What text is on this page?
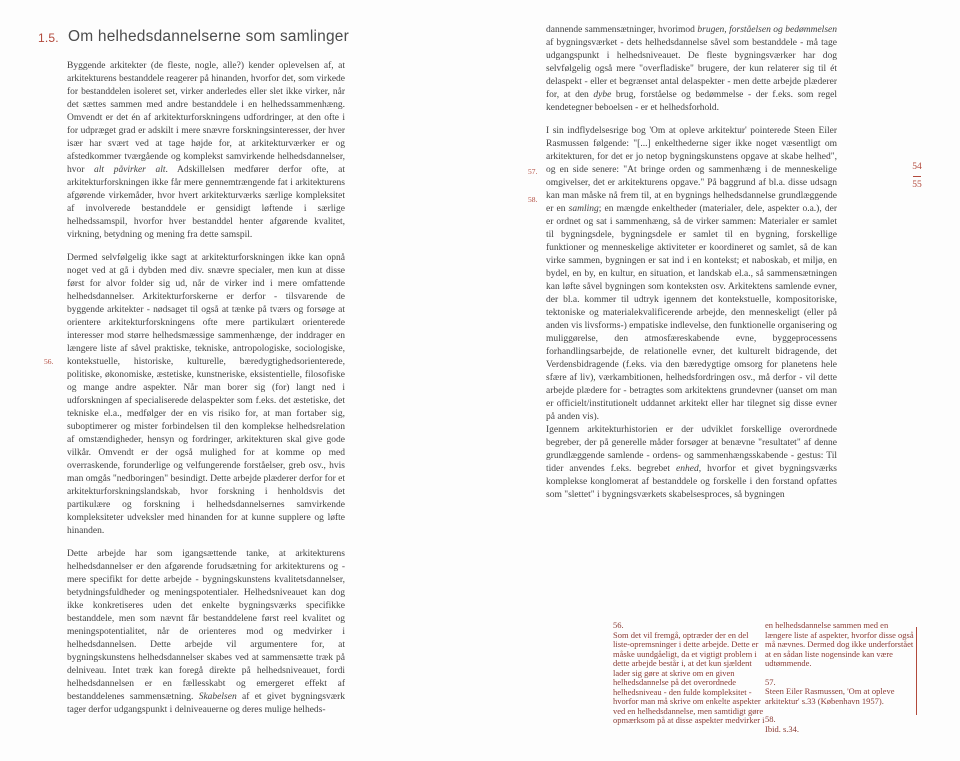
1.5. Om helhedsdannelserne som samlinger

Byggende arkitekter (de fleste, nogle, alle?) kender oplevelsen af, at arkitekturens bestanddele reagerer på hinanden, hvorfor det, som virkede for bestanddelen isoleret set, virker anderledes eller slet ikke virker, når det sættes sammen med andre bestanddele i en helhedssammenhæng. Omvendt er det én af arkitekturforskningens udfordringer, at den ofte i for udpræget grad er adskilt i mere snævre forskningsinteresser, der hver især har svært ved at tage højde for, at arkitekturværker er og afstedkommer tværgående og komplekst samvirkende helhedsdannelser, hvor alt påvirker alt. Adskillelsen medfører derfor ofte, at arkitekturforskningen ikke får mere gennemtrængende fat i arkitekturens afgørende virkemåder, hvor hvert arkitekturværks særlige kompleksitet af involverede bestanddele er gensidigt løftende i særlige helhedssamspil, hvorfor hver bestanddel henter afgørende kvalitet, virkning, betydning og mening fra dette samspil.

Dermed selvfølgelig ikke sagt at arkitekturforskningen ikke kan opnå noget ved at gå i dybden med div. snævre specialer, men kun at disse først for alvor folder sig ud, når de virker ind i mere omfattende helhedsdannelser. Arkitekturforskerne er derfor - tilsvarende de byggende arkitekter - nødsaget til også at tænke på tværs og forsøge at orientere arkitekturforskningens ofte mere partikulært orienterede interesser mod større helhedsmæssige sammenhænge, der inddrager en længere liste af såvel praktiske, tekniske, antropologiske, sociologiske, kontekstuelle, historiske, kulturelle, bæredygtighedsorienterede, politiske, økonomiske, æstetiske, kunstneriske, eksistentielle, filosofiske og mange andre aspekter. Når man borer sig (for) langt ned i udforskningen af specialiserede delaspekter som f.eks. det æstetiske, det tekniske el.a., medfølger der en vis risiko for, at man fortaber sig, suboptimerer og mister forbindelsen til den komplekse helhedsrelation af omstændigheder, hensyn og fordringer, arkitekturen skal give gode vilkår. Omvendt er der også mulighed for at komme op med overraskende, forunderlige og velfungerende forståelser, greb osv., hvis man omgås "nedboringen" besindigt. Dette arbejde plæderer derfor for et arkitekturforskningslandskab, hvor forskning i henholdsvis det partikulære og forskning i helhedsdannelsernes samvirkende kompleksiteter udveksler med hinanden for at kunne supplere og løfte hinanden.

Dette arbejde har som igangsættende tanke, at arkitekturens helhedsdannelser er den afgørende forudsætning for arkitekturens og - mere specifikt for dette arbejde - bygningskunstens kvalitetsdannelser, betydningsfuldheder og meningspotentialer. Helhedsniveauet kan dog ikke konkretiseres uden det enkelte bygningsværks specifikke bestanddele, men som nævnt får bestanddelene først reel kvalitet og meningspotentialitet, når de orienteres mod og medvirker i helhedsdannelsen. Dette arbejde vil argumentere for, at bygningskunstens helhedsdannelser skabes ved at sammensætte træk på delniveau. Intet træk kan foregå direkte på helhedsniveauet, fordi helhedsdannelsen er en fællesskabt og emergeret effekt af bestanddelenes sammensætning. Skabelsen af et givet bygningsværk tager derfor udgangspunkt i delniveauerne og deres mulige helheds-

dannende sammensætninger, hvorimod brugen, forståelsen og bedømmelsen af bygningsværket - dets helhedsdannelse såvel som bestanddele - må tage udgangspunkt i helhedsniveauet. De fleste bygningsværker har dog selvfølgelig også mere "overfladiske" brugere, der kun relaterer sig til ét delaspekt - eller et begrænset antal delaspekter - men dette arbejde plæderer for, at den dybe brug, forståelse og bedømmelse - der f.eks. som regel kendetegner beboelsen - er et helhedsforhold.

I sin indflydelsesrige bog 'Om at opleve arkitektur' pointerede Steen Eiler Rasmussen følgende: "[...] enkelthederne siger ikke noget væsentligt om arkitekturen, for det er jo netop bygningskunstens opgave at skabe helhed", og en side senere: "At bringe orden og sammenhæng i de menneskelige omgivelser, det er arkitekturens opgave." På baggrund af bl.a. disse udsagn kan man måske nå frem til, at en bygnings helhedsdannelse grundlæggende er en samling; en mængde enkeltheder (materialer, dele, aspekter o.a.), der er ordnet og sat i sammenhæng, så de virker sammen: Materialer er samlet til bygningsdele, bygningsdele er samlet til en bygning, forskellige funktioner og menneskelige aktiviteter er koordineret og samlet, så de kan virke sammen, bygningen er sat ind i en kontekst; et naboskab, et miljø, en bydel, en by, en kultur, en situation, et landskab el.a., så sammensætningen kan løfte såvel bygningen som konteksten osv. Arkitektens samlende evner, der bl.a. kommer til udtryk igennem det kontekstuelle, kompositoriske, tektoniske og materialekvalificerende arbejde, den menneskeligt (eller på anden vis livsforms-) empatiske indlevelse, den funktionelle organisering og muliggørelse, den atmosfæreskabende evne, byggeprocessens forhandlingsarbejde, de relationelle evner, det kulturelt bidragende, det Verdensbidragende (f.eks. via den bæredygtige omsorg for planetens hele sfære af liv), værkambitionen, helhedsfordringen osv., må derfor - vil dette arbejde plædere for - betragtes som arkitektens grundevner (uanset om man er officielt/institutionelt uddannet arkitekt eller har tilegnet sig disse evner på anden vis).

Igennem arkitekturhistorien er der udviklet forskellige overordnede begreber, der på generelle måder forsøger at benævne "resultatet" af denne grundlæggende samlende - ordens- og sammenhængsskabende - gestus: Til tider anvendes f.eks. begrebet enhed, hvorfor et givet bygningsværks komplekse konglomerat af bestanddele og forskelle i den forstand opfattes som "slettet" i bygningsværkets skabelsesproces, så bygningen

56.
57.
58.
54
55
56.
Som det vil fremgå, optræder der en del liste-opremsninger i dette arbejde. Dette er måske uundgåeligt, da et vigtigt problem i dette arbejde består i, at det kun sjældent lader sig gøre at skrive om en given helhedsdannelse på det overordnede helhedsniveau - den fulde kompleksitet - hvorfor man må skrive om enkelte aspekter ved en helhedsdannelse, men samtidigt gøre opmærksom på at disse aspekter medvirker i
en helhedsdannelse sammen med en længere liste af aspekter, hvorfor disse også må nævnes. Dermed dog ikke underforstået at en sådan liste nogensinde kan være udtømmende.
57.
Steen Eiler Rasmussen, 'Om at opleve arkitektur' s.33 (København 1957).
58.
Ibid. s.34.
